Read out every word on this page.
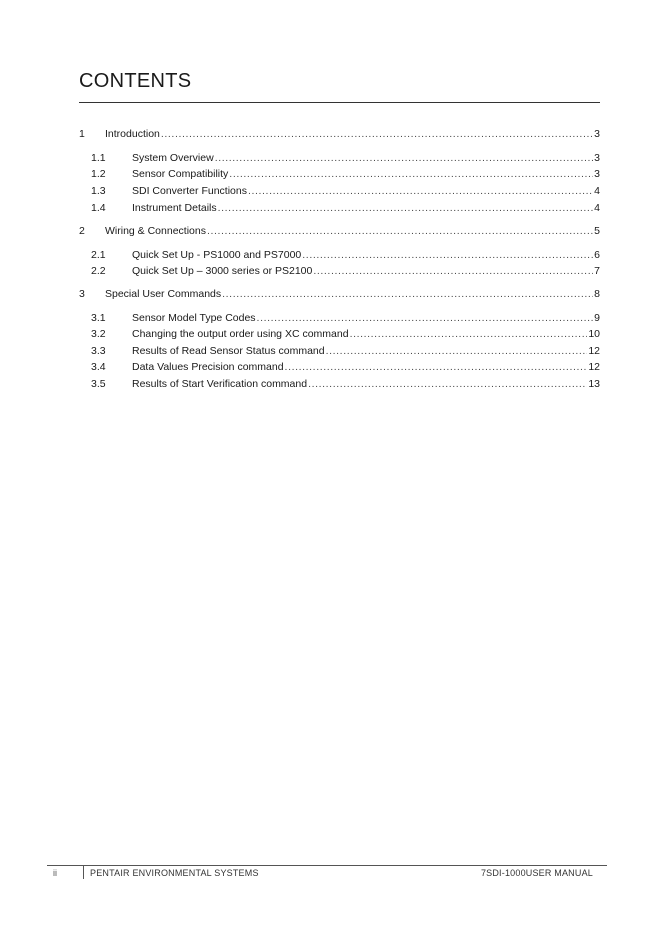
CONTENTS
1	Introduction .....	3
1.1	System Overview .....	3
1.2	Sensor Compatibility .....	3
1.3	SDI Converter Functions .....	4
1.4	Instrument Details .....	4
2	Wiring & Connections .....	5
2.1	Quick Set Up - PS1000 and PS7000 .....	6
2.2	Quick Set Up – 3000 series or PS2100 .....	7
3	Special User Commands .....	8
3.1	Sensor Model Type Codes .....	9
3.2	Changing the output order using XC command .....	10
3.3	Results of Read Sensor Status command .....	12
3.4	Data Values Precision command .....	12
3.5	Results of Start Verification command .....	13
ii	PENTAIR ENVIRONMENTAL SYSTEMS	7SDI-1000USER MANUAL
